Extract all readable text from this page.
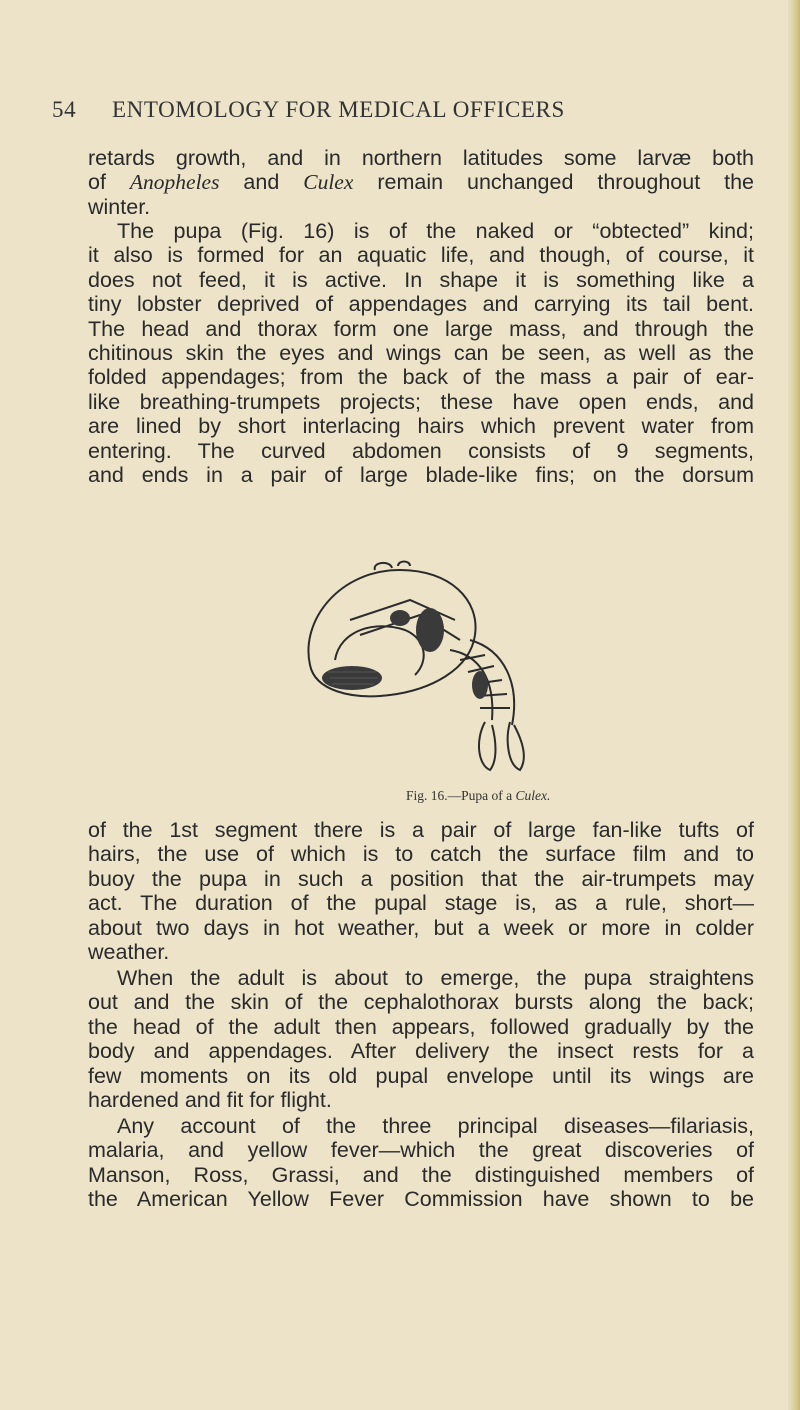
54 ENTOMOLOGY FOR MEDICAL OFFICERS
retards growth, and in northern latitudes some larvæ both
of Anopheles and Culex remain unchanged throughout the
winter.
The pupa (Fig. 16) is of the naked or “obtected” kind;
it also is formed for an aquatic life, and though, of course, it
does not feed, it is active. In shape it is something like a
tiny lobster deprived of appendages and carrying its tail bent.
The head and thorax form one large mass, and through the
chitinous skin the eyes and wings can be seen, as well as the
folded appendages; from the back of the mass a pair of ear-
like breathing-trumpets projects; these have open ends, and
are lined by short interlacing hairs which prevent water from
entering. The curved abdomen consists of 9 segments,
and ends in a pair of large blade-like fins; on the dorsum
Fig. 16.—Pupa of a Culex.
of the 1st segment there is a pair of large fan-like tufts of
hairs, the use of which is to catch the surface film and to
buoy the pupa in such a position that the air-trumpets may
act. The duration of the pupal stage is, as a rule, short—
about two days in hot weather, but a week or more in colder
weather.
When the adult is about to emerge, the pupa straightens
out and the skin of the cephalothorax bursts along the back;
the head of the adult then appears, followed gradually by the
body and appendages. After delivery the insect rests for a
few moments on its old pupal envelope until its wings are
hardened and fit for flight.
Any account of the three principal diseases—filariasis,
malaria, and yellow fever—which the great discoveries of
Manson, Ross, Grassi, and the distinguished members of
the American Yellow Fever Commission have shown to be
